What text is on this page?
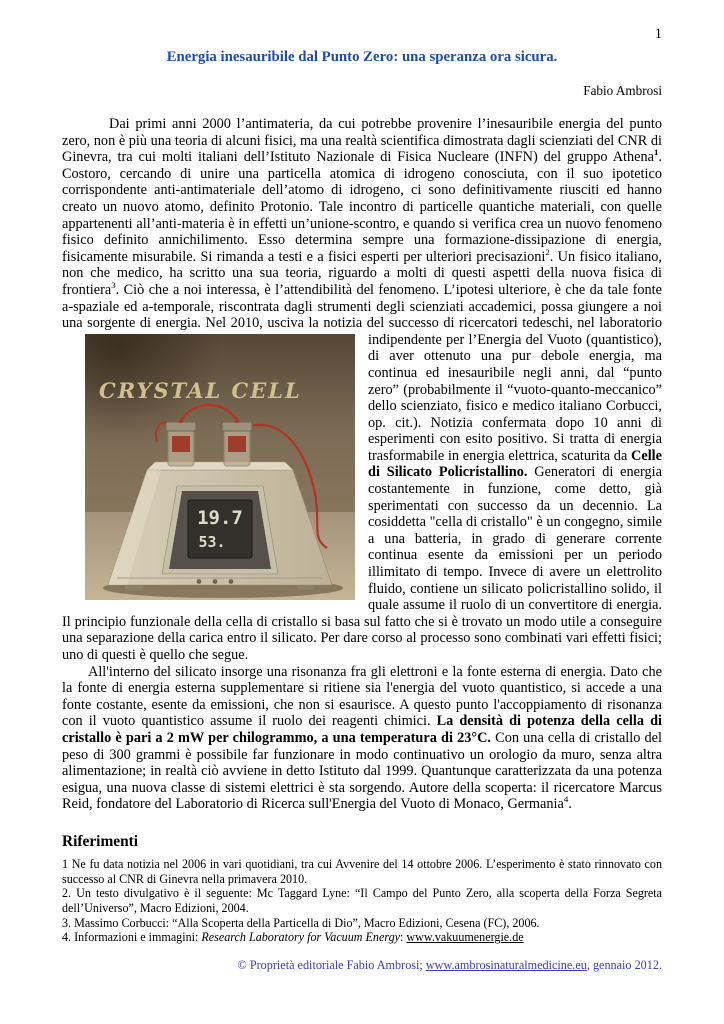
1
Energia inesauribile dal Punto Zero: una speranza ora sicura.
Fabio Ambrosi

Dai primi anni 2000 l’antimateria, da cui potrebbe provenire l’inesauribile energia del punto zero, non è più una teoria di alcuni fisici, ma una realtà scientifica dimostrata dagli scienziati del CNR di Ginevra, tra cui molti italiani dell’Istituto Nazionale di Fisica Nucleare (INFN) del gruppo Athena$^1$. Costoro, cercando di unire una particella atomica di idrogeno conosciuta, con il suo ipotetico corrispondente anti-antimateriale dell’atomo di idrogeno, ci sono definitivamente riusciti ed hanno creato un nuovo atomo, definito Protonio. Tale incontro di particelle quantiche materiali, con quelle appartenenti all’anti-materia è in effetti un’unione-scontro, e quando si verifica crea un nuovo fenomeno fisico definito annichilimento. Esso determina sempre una formazione-dissipazione di energia, fisicamente misurabile. Si rimanda a testi e a fisici esperti per ulteriori precisazioni$^2$. Un fisico italiano, non che medico, ha scritto una sua teoria, riguardo a molti di questi aspetti della nuova fisica di frontiera$^3$. Ciò che a noi interessa, è l’attendibilità del fenomeno. L’ipotesi ulteriore, è che da tale fonte a-spaziale ed a-temporale, riscontrata dagli strumenti degli scienziati accademici, possa giungere a noi una sorgente di energia. Nel 2010, usciva la notizia del successo di ricercatori tedeschi, nel laboratorio indipendente per l’Energia del Vuoto (quantistico),
CRYSTAL CELL
19.7
53.
di aver ottenuto una pur debole energia, ma continua ed inesauribile negli anni, dal “punto zero” (probabilmente il “vuoto-quanto-meccanico” dello scienziato, fisico e medico italiano Corbucci, op. cit.). Notizia confermata dopo 10 anni di esperimenti con esito positivo. Si tratta di energia trasformabile in energia elettrica, scaturita da Celle di Silicato Policristallino. Generatori di energia costantemente in funzione, come detto, già sperimentati con successo da un decennio. La cosiddetta "cella di cristallo" è un congegno, simile a una batteria, in grado di generare corrente continua esente da emissioni per un periodo illimitato di tempo. Invece di avere un elettrolito fluido, contiene un silicato policristallino solido, il quale assume il ruolo di un convertitore di energia. Il principio funzionale della cella di cristallo si basa sul fatto che si è trovato un modo utile a conseguire una separazione della carica entro il silicato. Per dare corso al processo sono combinati vari effetti fisici; uno di questi è quello che segue.

All'interno del silicato insorge una risonanza fra gli elettroni e la fonte esterna di energia. Dato che la fonte di energia esterna supplementare si ritiene sia l'energia del vuoto quantistico, si accede a una fonte costante, esente da emissioni, che non si esaurisce. A questo punto l'accoppiamento di risonanza con il vuoto quantistico assume il ruolo dei reagenti chimici. La densità di potenza della cella di cristallo è pari a 2 mW per chilogrammo, a una temperatura di 23°C. Con una cella di cristallo del peso di 300 grammi è possibile far funzionare in modo continuativo un orologio da muro, senza altra alimentazione; in realtà ciò avviene in detto Istituto dal 1999. Quantunque caratterizzata da una potenza esigua, una nuova classe di sistemi elettrici è sta sorgendo. Autore della scoperta: il ricercatore Marcus Reid, fondatore del Laboratorio di Ricerca sull'Energia del Vuoto di Monaco, Germania$^4$.

Riferimenti

1 Ne fu data notizia nel 2006 in vari quotidiani, tra cui Avvenire del 14 ottobre 2006. L’esperimento è stato rinnovato con successo al CNR di Ginevra nella primavera 2010.

2. Un testo divulgativo è il seguente: Mc Taggard Lyne: “Il Campo del Punto Zero, alla scoperta della Forza Segreta dell’Universo”, Macro Edizioni, 2004.

3. Massimo Corbucci: “Alla Scoperta della Particella di Dio”, Macro Edizioni, Cesena (FC), 2006.

4. Informazioni e immagini: Research Laboratory for Vacuum Energy: www.vakuumenergie.de

© Proprietà editoriale Fabio Ambrosi; www.ambrosinaturalmedicine.eu, gennaio 2012.
